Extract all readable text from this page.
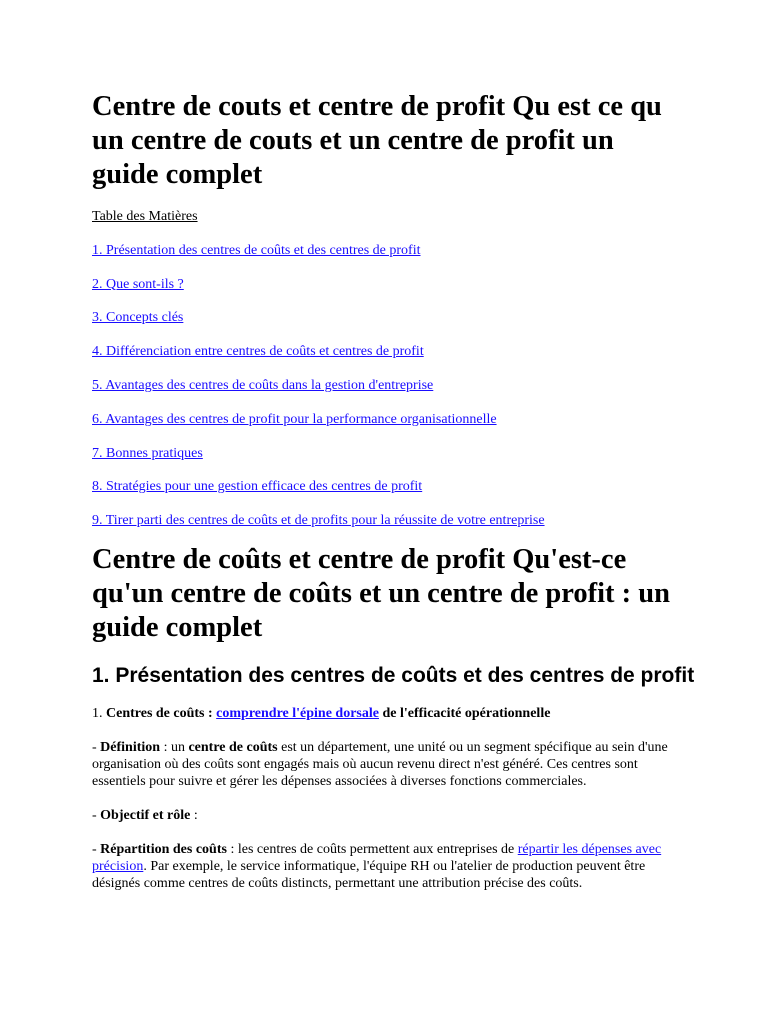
Centre de couts et centre de profit Qu est ce qu un centre de couts et un centre de profit un guide complet
Table des Matières
1. Présentation des centres de coûts et des centres de profit
2. Que sont-ils ?
3. Concepts clés
4. Différenciation entre centres de coûts et centres de profit
5. Avantages des centres de coûts dans la gestion d'entreprise
6. Avantages des centres de profit pour la performance organisationnelle
7. Bonnes pratiques
8. Stratégies pour une gestion efficace des centres de profit
9. Tirer parti des centres de coûts et de profits pour la réussite de votre entreprise
Centre de coûts et centre de profit Qu'est-ce qu'un centre de coûts et un centre de profit : un guide complet
1. Présentation des centres de coûts et des centres de profit

1. Centres de coûts : comprendre l'épine dorsale de l'efficacité opérationnelle

- Définition : un centre de coûts est un département, une unité ou un segment spécifique au sein d'une organisation où des coûts sont engagés mais où aucun revenu direct n'est généré. Ces centres sont essentiels pour suivre et gérer les dépenses associées à diverses fonctions commerciales.

- Objectif et rôle :

- Répartition des coûts : les centres de coûts permettent aux entreprises de répartir les dépenses avec précision. Par exemple, le service informatique, l'équipe RH ou l'atelier de production peuvent être désignés comme centres de coûts distincts, permettant une attribution précise des coûts.
